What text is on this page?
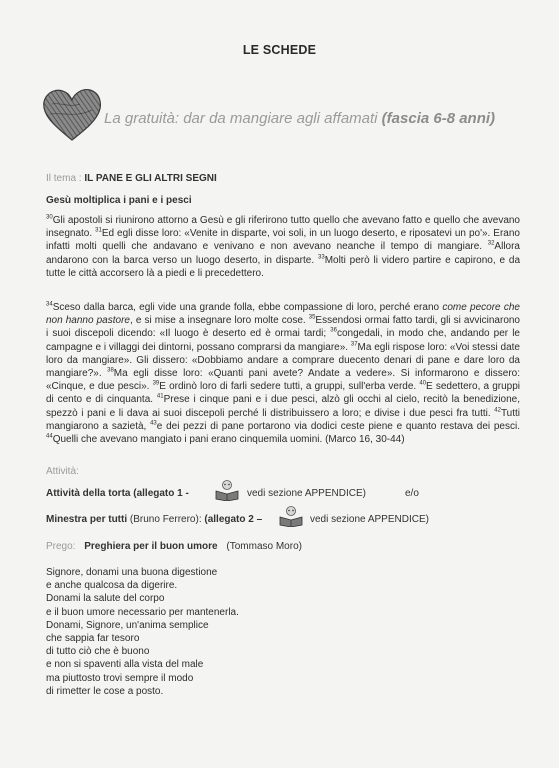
LE SCHEDE
La gratuità: dar da mangiare agli affamati (fascia 6-8 anni)
Il tema : IL PANE E GLI ALTRI SEGNI
Gesù moltiplica i pani e i pesci
$^{30}$Gli apostoli si riunirono attorno a Gesù e gli riferirono tutto quello che avevano fatto e quello che avevano insegnato. $^{31}$Ed egli disse loro: «Venite in disparte, voi soli, in un luogo deserto, e riposatevi un po'». Erano infatti molti quelli che andavano e venivano e non avevano neanche il tempo di mangiare. $^{32}$Allora andarono con la barca verso un luogo deserto, in disparte. $^{33}$Molti però li videro partire e capirono, e da tutte le città accorsero là a piedi e li precedettero.
$^{34}$Sceso dalla barca, egli vide una grande folla, ebbe compassione di loro, perché erano come pecore che non hanno pastore, e si mise a insegnare loro molte cose. $^{35}$Essendosi ormai fatto tardi, gli si avvicinarono i suoi discepoli dicendo: «Il luogo è deserto ed è ormai tardi; $^{36}$congedali, in modo che, andando per le campagne e i villaggi dei dintorni, possano comprarsi da mangiare». $^{37}$Ma egli rispose loro: «Voi stessi date loro da mangiare». Gli dissero: «Dobbiamo andare a comprare duecento denari di pane e dare loro da mangiare?». $^{38}$Ma egli disse loro: «Quanti pani avete? Andate a vedere». Si informarono e dissero: «Cinque, e due pesci». $^{39}$E ordinò loro di farli sedere tutti, a gruppi, sull'erba verde. $^{40}$E sedettero, a gruppi di cento e di cinquanta. $^{41}$Prese i cinque pani e i due pesci, alzò gli occhi al cielo, recitò la benedizione, spezzò i pani e li dava ai suoi discepoli perché li distribuissero a loro; e divise i due pesci fra tutti. $^{42}$Tutti mangiarono a sazietà, $^{43}$e dei pezzi di pane portarono via dodici ceste piene e quanto restava dei pesci. $^{44}$Quelli che avevano mangiato i pani erano cinquemila uomini. (Marco 16, 30-44)
Attività:
Attività della torta (allegato 1 -	vedi sezione APPENDICE)	e/o
Minestra per tutti (Bruno Ferrero): (allegato 2 –	vedi sezione APPENDICE)
Prego: Preghiera per il buon umore (Tommaso Moro)
Signore, donami una buona digestione
e anche qualcosa da digerire.
Donami la salute del corpo
e il buon umore necessario per mantenerla.
Donami, Signore, un'anima semplice
che sappia far tesoro
di tutto ciò che è buono
e non si spaventi alla vista del male
ma piuttosto trovi sempre il modo
di rimetter le cose a posto.
